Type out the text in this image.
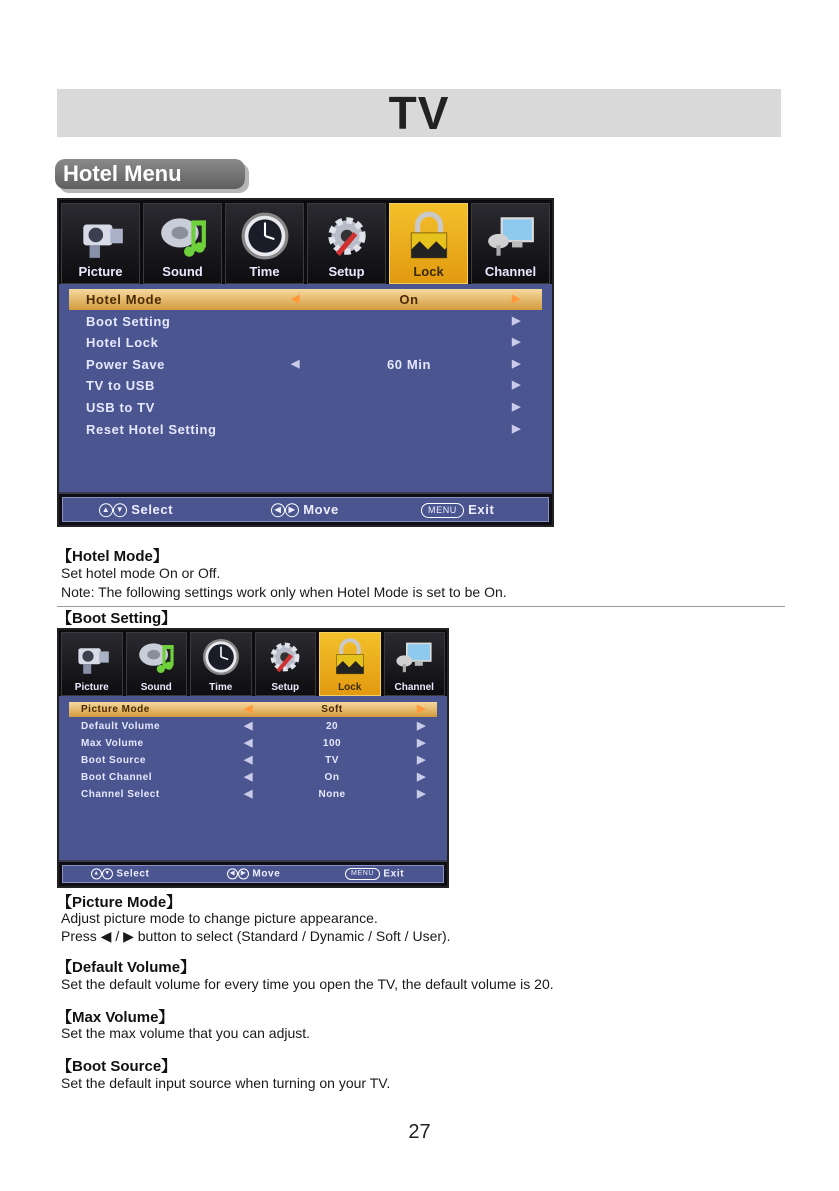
TV
Hotel Menu
Picture	Sound	Time	Setup	Lock	Channel
Hotel Mode	◀	On	▶
Boot Setting	▶
Hotel Lock	▶
Power Save	◀	60 Min	▶
TV to USB	▶
USB to TV	▶
Reset Hotel Setting	▶
▲ ▼ Select	◀ ▶ Move	MENU Exit
【Hotel Mode】
Set hotel mode On or Off.
Note: The following settings work only when Hotel Mode is set to be On.
【Boot Setting】
Picture	Sound	Time	Setup	Lock	Channel
Picture Mode	◀	Soft	▶
Default Volume	◀	20	▶
Max Volume	◀	100	▶
Boot Source	◀	TV	▶
Boot Channel	◀	On	▶
Channel Select	◀	None	▶
▲ ▼ Select	◀ ▶ Move	MENU Exit
【Picture Mode】
Adjust picture mode to change picture appearance.
Press ◀ / ▶ button to select (Standard / Dynamic / Soft / User).
【Default Volume】
Set the default volume for every time you open the TV, the default volume is 20.
【Max Volume】
Set the max volume that you can adjust.
【Boot Source】
Set the default input source when turning on your TV.
27
